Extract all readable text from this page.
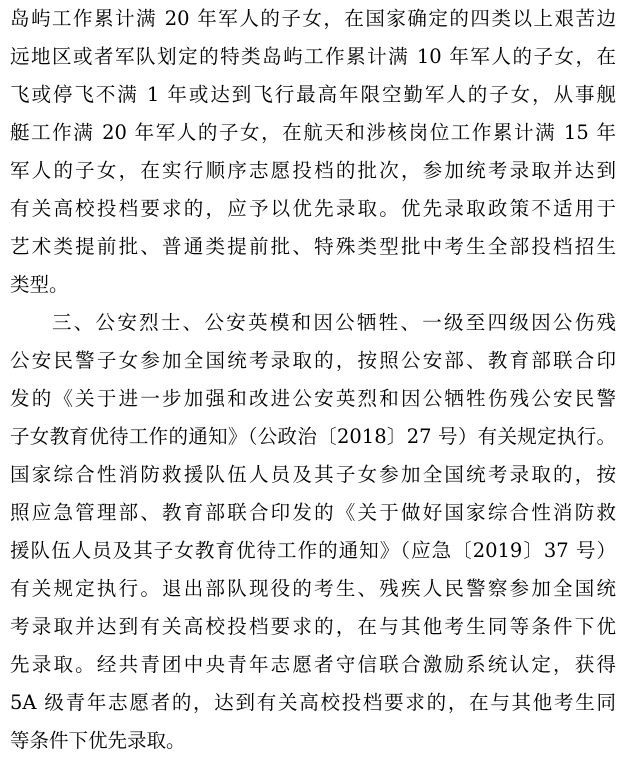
岛屿工作累计满 20 年军人的子女，在国家确定的四类以上艰苦边
远地区或者军队划定的特类岛屿工作累计满 10 年军人的子女，在
飞或停飞不满 1 年或达到飞行最高年限空勤军人的子女，从事舰
艇工作满 20 年军人的子女，在航天和涉核岗位工作累计满 15 年
军人的子女，在实行顺序志愿投档的批次，参加统考录取并达到
有关高校投档要求的，应予以优先录取。优先录取政策不适用于
艺术类提前批、普通类提前批、特殊类型批中考生全部投档招生
类型。
三、公安烈士、公安英模和因公牺牲、一级至四级因公伤残
公安民警子女参加全国统考录取的，按照公安部、教育部联合印
发的《关于进一步加强和改进公安英烈和因公牺牲伤残公安民警
子女教育优待工作的通知》（公政治〔2018〕27 号）有关规定执行。
国家综合性消防救援队伍人员及其子女参加全国统考录取的，按
照应急管理部、教育部联合印发的《关于做好国家综合性消防救
援队伍人员及其子女教育优待工作的通知》（应急〔2019〕37 号）
有关规定执行。退出部队现役的考生、残疾人民警察参加全国统
考录取并达到有关高校投档要求的，在与其他考生同等条件下优
先录取。经共青团中央青年志愿者守信联合激励系统认定，获得
5A 级青年志愿者的，达到有关高校投档要求的，在与其他考生同
等条件下优先录取。
